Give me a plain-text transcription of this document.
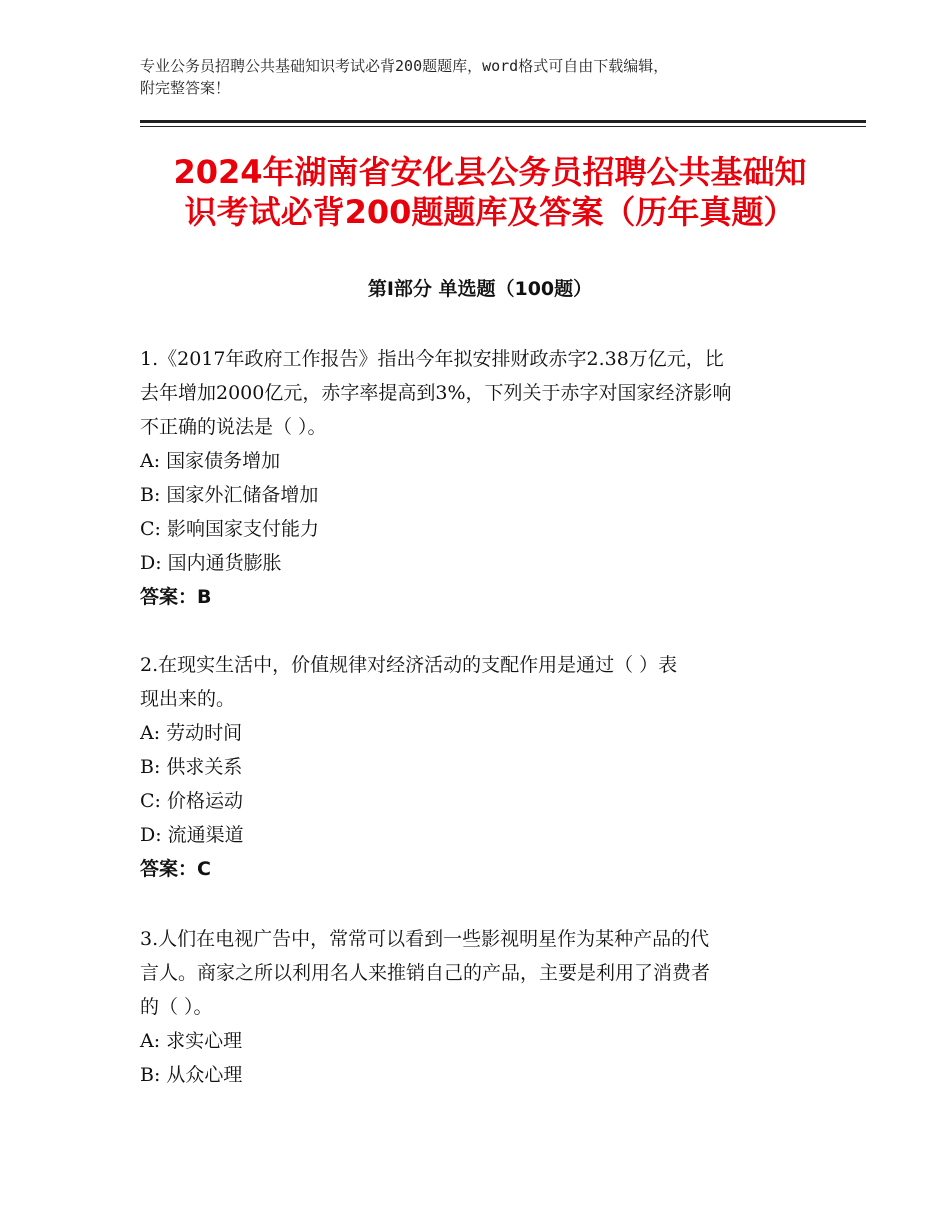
专业公务员招聘公共基础知识考试必背200题题库，word格式可自由下载编辑，
附完整答案！
2024年湖南省安化县公务员招聘公共基础知
识考试必背200题题库及答案（历年真题）
第Ⅰ部分 单选题（100题）

1.《2017年政府工作报告》指出今年拟安排财政赤字2.38万亿元，比

去年增加2000亿元，赤字率提高到3%，下列关于赤字对国家经济影响

不正确的说法是（ ）。

A: 国家债务增加

B: 国家外汇储备增加

C: 影响国家支付能力

D: 国内通货膨胀

答案：B

2.在现实生活中，价值规律对经济活动的支配作用是通过（ ）表

现出来的。

A: 劳动时间

B: 供求关系

C: 价格运动

D: 流通渠道

答案：C

3.人们在电视广告中，常常可以看到一些影视明星作为某种产品的代

言人。商家之所以利用名人来推销自己的产品，主要是利用了消费者

的（ ）。

A: 求实心理

B: 从众心理
